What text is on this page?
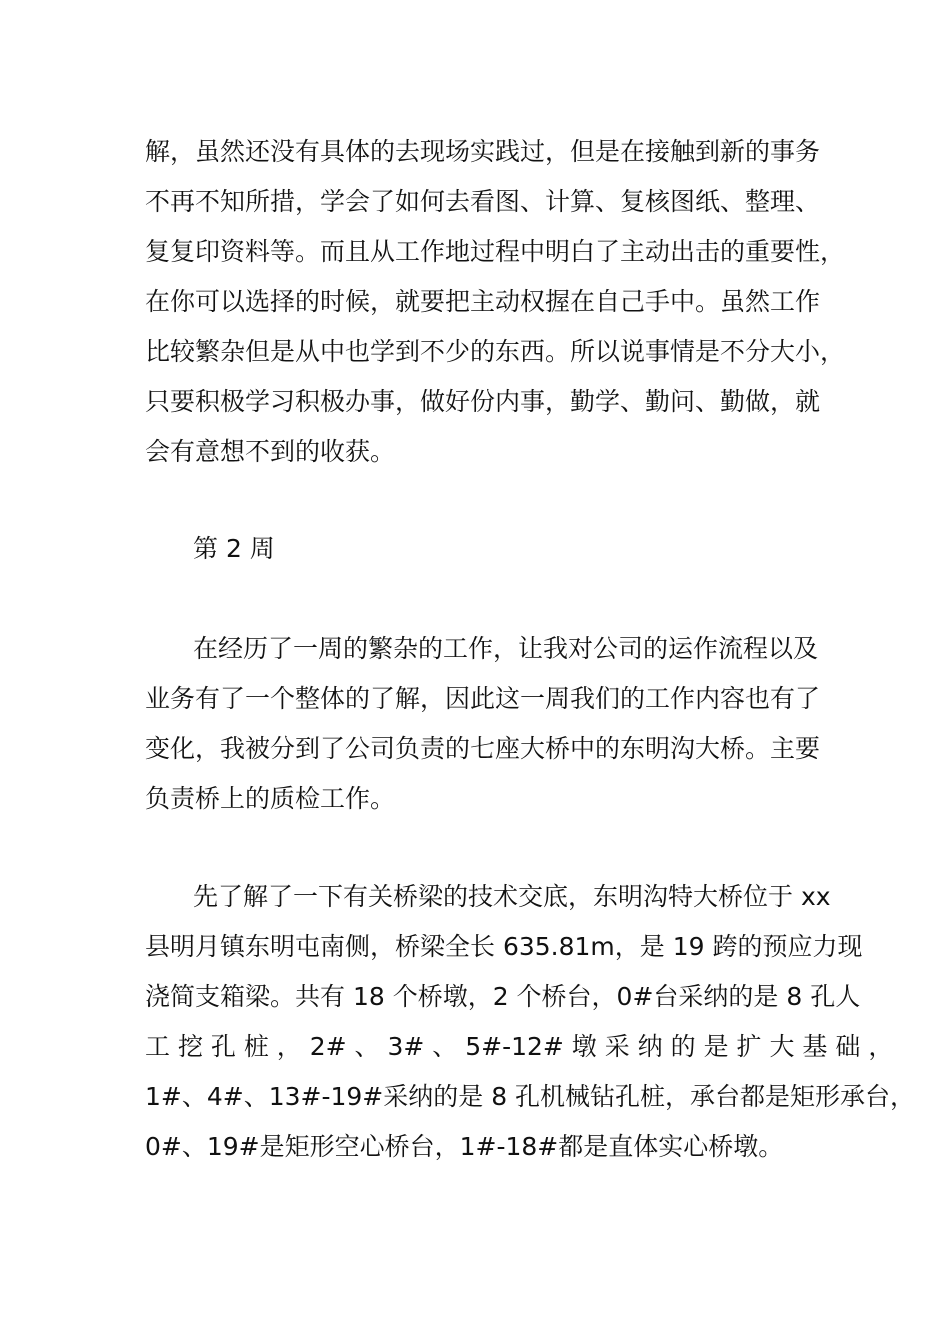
解，虽然还没有具体的去现场实践过，但是在接触到新的事务
不再不知所措，学会了如何去看图、计算、复核图纸、整理、
复复印资料等。而且从工作地过程中明白了主动出击的重要性，
在你可以选择的时候，就要把主动权握在自己手中。虽然工作
比较繁杂但是从中也学到不少的东西。所以说事情是不分大小，
只要积极学习积极办事，做好份内事，勤学、勤问、勤做，就
会有意想不到的收获。
第 2 周
在经历了一周的繁杂的工作，让我对公司的运作流程以及
业务有了一个整体的了解，因此这一周我们的工作内容也有了
变化，我被分到了公司负责的七座大桥中的东明沟大桥。主要
负责桥上的质检工作。
先了解了一下有关桥梁的技术交底，东明沟特大桥位于 xx
县明月镇东明屯南侧，桥梁全长 635.81m，是 19 跨的预应力现
浇简支箱梁。共有 18 个桥墩，2 个桥台，0#台采纳的是 8 孔人
工 挖 孔 桩 ， 2# 、 3# 、 5#-12# 墩 采 纳 的 是 扩 大 基 础 ，
1#、4#、13#-19#采纳的是 8 孔机械钻孔桩，承台都是矩形承台，
0#、19#是矩形空心桥台，1#-18#都是直体实心桥墩。
